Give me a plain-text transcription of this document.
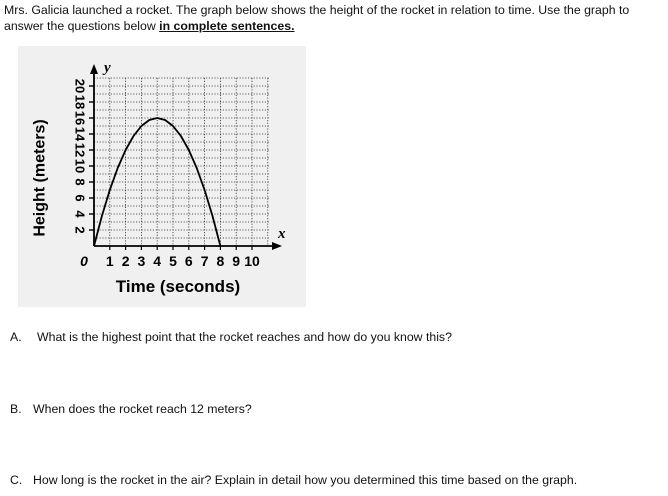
Mrs. Galicia launched a rocket. The graph below shows the height of the rocket in relation to time. Use the graph to answer the questions below in complete sentences.
2
4
6
8
10
12
14
16
18
20
0 1 2 3 4 5 6 7 8 9 10
y
x
Time (seconds)
Height (meters)
A. What is the highest point that the rocket reaches and how do you know this?
B. When does the rocket reach 12 meters?
C. How long is the rocket in the air? Explain in detail how you determined this time based on the graph.
